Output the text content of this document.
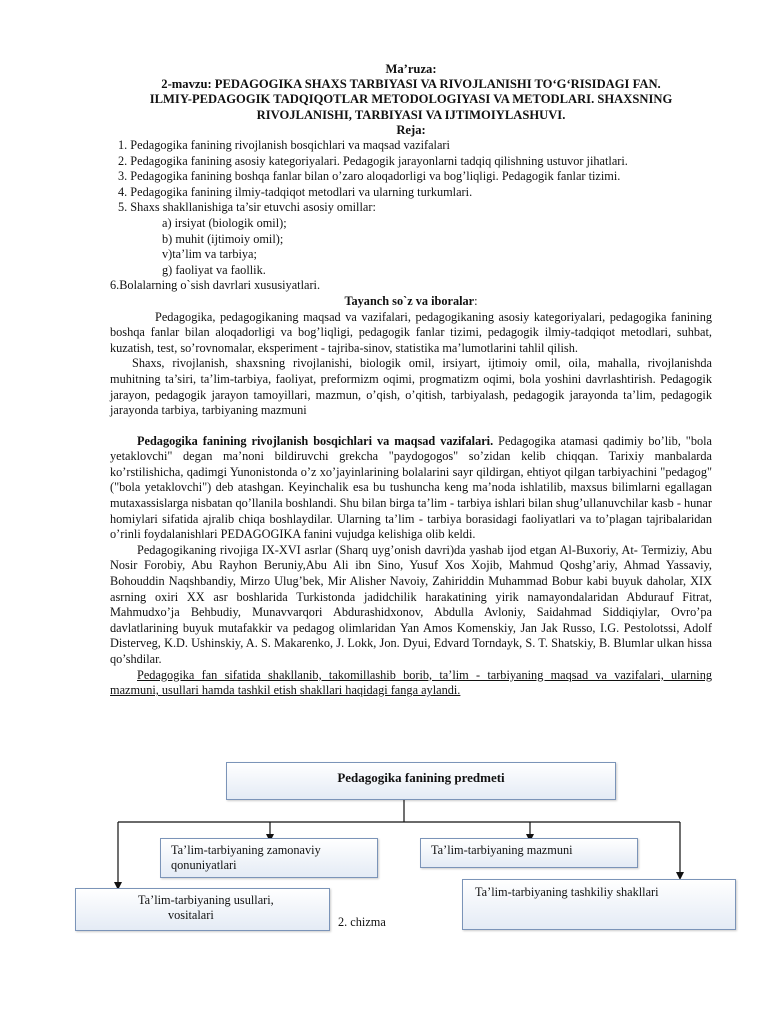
Ma’ruza:
2-mavzu: PEDAGOGIKA SHAXS TARBIYASI VA RIVOJLANISHI TO‘G‘RISIDAGI FAN.
ILMIY-PEDAGOGIK TADQIQOTLAR METODOLOGIYASI VA METODLARI. SHAXSNING
RIVOJLANISHI, TARBIYASI VA IJTIMOIYLASHUVI.
Reja:
1. Pedagogika fanining rivojlanish bosqichlari va maqsad vazifalari
2. Pedagogika fanining asosiy kategoriyalari. Pedagogik jarayonlarni tadqiq qilishning ustuvor jihatlari.
3. Pedagogika fanining boshqa fanlar bilan o’zaro aloqadorligi va bog’liqligi. Pedagogik fanlar tizimi.
4. Pedagogika fanining ilmiy-tadqiqot metodlari va ularning turkumlari.
5. Shaxs shakllanishiga ta’sir etuvchi asosiy omillar:
a) irsiyat (biologik omil);
b) muhit (ijtimoiy omil);
v)ta’lim va tarbiya;
g) faoliyat va faollik.
6.Bolalarning o`sish davrlari xususiyatlari.
Tayanch so`z va iboralar:
Pedagogika, pedagogikaning maqsad va vazifalari, pedagogikaning asosiy kategoriyalari, pedagogika fanining boshqa fanlar bilan aloqadorligi va bog’liqligi, pedagogik fanlar tizimi, pedagogik ilmiy-tadqiqot metodlari, suhbat, kuzatish, test, so’rovnomalar, eksperiment - tajriba-sinov, statistika ma’lumotlarini tahlil qilish.
Shaxs, rivojlanish, shaxsning rivojlanishi, biologik omil, irsiyart, ijtimoiy omil, oila, mahalla, rivojlanishda muhitning ta’siri, ta’lim-tarbiya, faoliyat, preformizm oqimi, progmatizm oqimi, bola yoshini davrlashtirish. Pedagogik jarayon, pedagogik jarayon tamoyillari, mazmun, o’qish, o’qitish, tarbiyalash, pedagogik jarayonda ta’lim, pedagogik jarayonda tarbiya, tarbiyaning mazmuni
Pedagogika fanining rivojlanish bosqichlari va maqsad vazifalari. Pedagogika atamasi qadimiy bo’lib, "bola yetaklovchi" degan ma’noni bildiruvchi grekcha "paydogogos" so’zidan kelib chiqqan. Tarixiy manbalarda ko’rstilishicha, qadimgi Yunonistonda o’z xo’jayinlarining bolalarini sayr qildirgan, ehtiyot qilgan tarbiyachini "pedagog" ("bola yetaklovchi") deb atashgan. Keyinchalik esa bu tushuncha keng ma’noda ishlatilib, maxsus bilimlarni egallagan mutaxassislarga nisbatan qo’llanila boshlandi. Shu bilan birga ta’lim - tarbiya ishlari bilan shug’ullanuvchilar kasb - hunar homiylari sifatida ajralib chiqa boshlaydilar. Ularning ta’lim - tarbiya borasidagi faoliyatlari va to’plagan tajribalaridan o’rinli foydalanishlari PEDAGOGIKA fanini vujudga kelishiga olib keldi.
Pedagogikaning rivojiga IX-XVI asrlar (Sharq uyg’onish davri)da yashab ijod etgan Al-Buxoriy, At- Termiziy, Abu Nosir Forobiy, Abu Rayhon Beruniy,Abu Ali ibn Sino, Yusuf Xos Xojib, Mahmud Qoshg’ariy, Ahmad Yassaviy, Bohouddin Naqshbandiy, Mirzo Ulug’bek, Mir Alisher Navoiy, Zahiriddin Muhammad Bobur kabi buyuk daholar, XIX asrning oxiri XX asr boshlarida Turkistonda jadidchilik harakatining yirik namayondalaridan Abdurauf Fitrat, Mahmudxo’ja Behbudiy, Munavvarqori Abdurashidxonov, Abdulla Avloniy, Saidahmad Siddiqiylar, Ovro’pa davlatlarining buyuk mutafakkir va pedagog olimlaridan Yan Amos Komenskiy, Jan Jak Russo, I.G. Pestolotssi, Adolf Disterveg, K.D. Ushinskiy, A. S. Makarenko, J. Lokk, Jon. Dyui, Edvard Torndayk, S. T. Shatskiy, B. Blumlar ulkan hissa qo’shdilar.
Pedagogika fan sifatida shakllanib, takomillashib borib, ta’lim - tarbiyaning maqsad va vazifalari, ularning mazmuni, usullari hamda tashkil etish shakllari haqidagi fanga aylandi.
Pedagogika fanining predmeti
Ta’lim-tarbiyaning zamonaviy
qonuniyatlari
Ta’lim-tarbiyaning mazmuni
Ta’lim-tarbiyaning usullari,
vositalari
Ta’lim-tarbiyaning tashkiliy shakllari
2. chizma
